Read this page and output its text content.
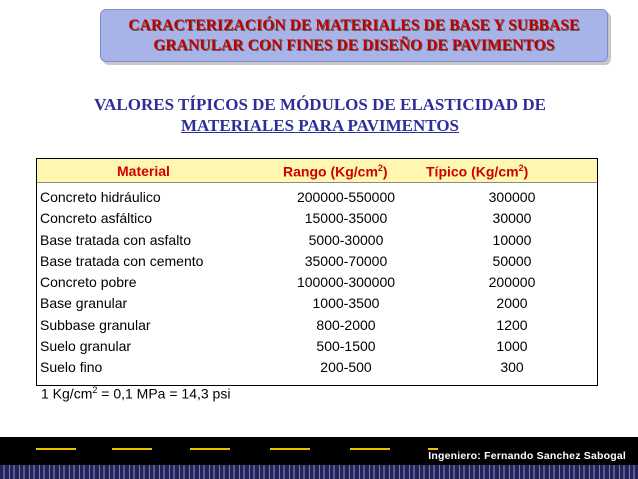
CARACTERIZACIÓN DE MATERIALES DE BASE Y SUBBASE
GRANULAR CON FINES DE DISEÑO DE PAVIMENTOS
VALORES TÍPICOS DE MÓDULOS DE ELASTICIDAD DE
MATERIALES PARA PAVIMENTOS
Material	Rango $(Kg/cm^2)$	Típico $(Kg/cm^2)$
Concreto hidráulico	200000-550000	300000
Concreto asfáltico	15000-35000	30000
Base tratada con asfalto	5000-30000	10000
Base tratada con cemento	35000-70000	50000
Concreto pobre	100000-300000	200000
Base granular	1000-3500	2000
Subbase granular	800-2000	1200
Suelo granular	500-1500	1000
Suelo fino	200-500	300
1 $Kg/cm^2 = 0,1$ MPa = 14,3 psi
Ingeniero: Fernando Sanchez Sabogal
